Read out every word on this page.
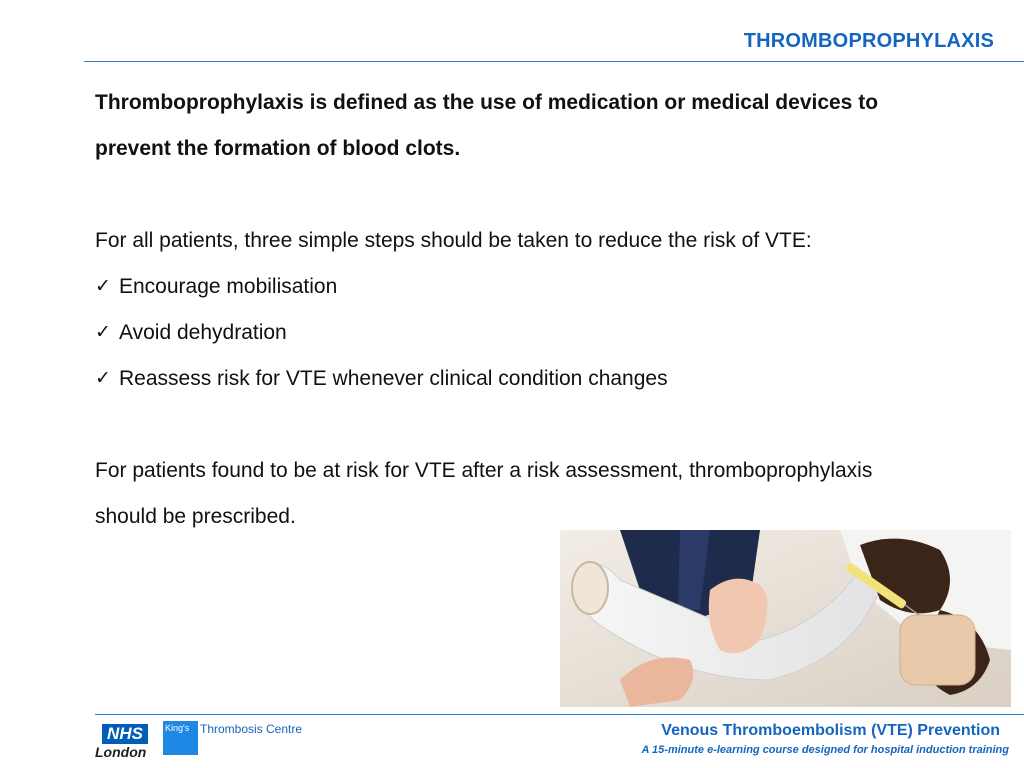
THROMBOPROPHYLAXIS

Thromboprophylaxis is defined as the use of medication or medical devices to

prevent the formation of blood clots.

For all patients, three simple steps should be taken to reduce the risk of VTE:

✓ Encourage mobilisation
✓ Avoid dehydration
✓ Reassess risk for VTE whenever clinical condition changes

For patients found to be at risk for VTE after a risk assessment, thromboprophylaxis

should be prescribed.

NHS
London
King's Thrombosis Centre	Venous Thromboembolism (VTE) Prevention
A 15-minute e-learning course designed for hospital induction training
